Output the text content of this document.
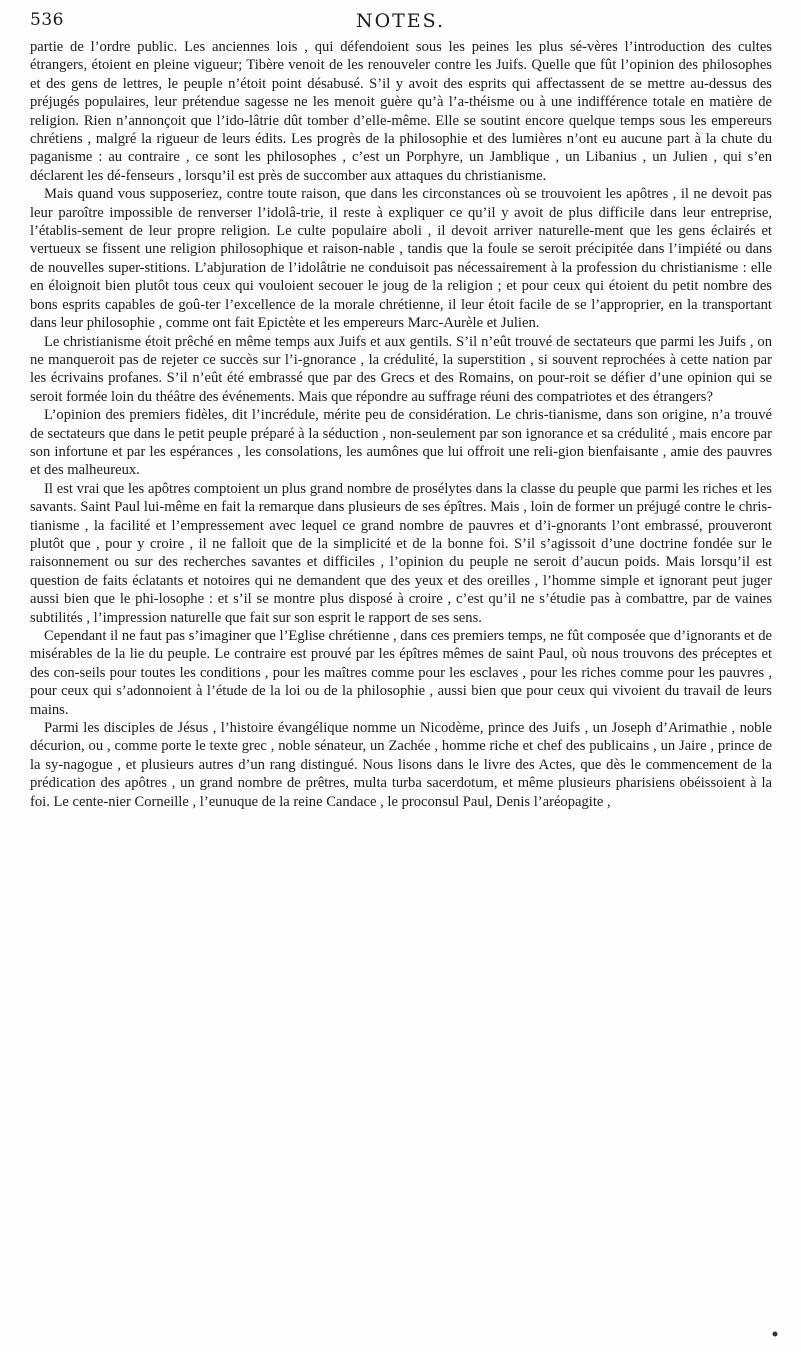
536	NOTES.

partie de l’ordre public. Les anciennes lois , qui défendoient sous les peines les plus sé-vères l’introduction des cultes étrangers, étoient en pleine vigueur; Tibère venoit de les renouveler contre les Juifs. Quelle que fût l’opinion des philosophes et des gens de lettres, le peuple n’étoit point désabusé. S’il y avoit des esprits qui affectassent de se mettre au-dessus des préjugés populaires, leur prétendue sagesse ne les menoit guère qu’à l’a-théisme ou à une indifférence totale en matière de religion. Rien n’annonçoit que l’ido-lâtrie dût tomber d’elle-même. Elle se soutint encore quelque temps sous les empereurs chrétiens , malgré la rigueur de leurs édits. Les progrès de la philosophie et des lumières n’ont eu aucune part à la chute du paganisme : au contraire , ce sont les philosophes , c’est un Porphyre, un Jamblique , un Libanius , un Julien , qui s’en déclarent les dé-fenseurs , lorsqu’il est près de succomber aux attaques du christianisme.

Mais quand vous supposeriez, contre toute raison, que dans les circonstances où se trouvoient les apôtres , il ne devoit pas leur paroître impossible de renverser l’idolâ-trie, il reste à expliquer ce qu’il y avoit de plus difficile dans leur entreprise, l’établis-sement de leur propre religion. Le culte populaire aboli , il devoit arriver naturelle-ment que les gens éclairés et vertueux se fissent une religion philosophique et raison-nable , tandis que la foule se seroit précipitée dans l’impiété ou dans de nouvelles super-stitions. L’abjuration de l’idolâtrie ne conduisoit pas nécessairement à la profession du christianisme : elle en éloignoit bien plutôt tous ceux qui vouloient secouer le joug de la religion ; et pour ceux qui étoient du petit nombre des bons esprits capables de goû-ter l’excellence de la morale chrétienne, il leur étoit facile de se l’approprier, en la transportant dans leur philosophie , comme ont fait Epictète et les empereurs Marc-Aurèle et Julien.

Le christianisme étoit prêché en même temps aux Juifs et aux gentils. S’il n’eût trouvé de sectateurs que parmi les Juifs , on ne manqueroit pas de rejeter ce succès sur l’i-gnorance , la crédulité, la superstition , si souvent reprochées à cette nation par les écrivains profanes. S’il n’eût été embrassé que par des Grecs et des Romains, on pour-roit se défier d’une opinion qui se seroit formée loin du théâtre des événements. Mais que répondre au suffrage réuni des compatriotes et des étrangers?

L’opinion des premiers fidèles, dit l’incrédule, mérite peu de considération. Le chris-tianisme, dans son origine, n’a trouvé de sectateurs que dans le petit peuple préparé à la séduction , non-seulement par son ignorance et sa crédulité , mais encore par son infortune et par les espérances , les consolations, les aumônes que lui offroit une reli-gion bienfaisante , amie des pauvres et des malheureux.

Il est vrai que les apôtres comptoient un plus grand nombre de prosélytes dans la classe du peuple que parmi les riches et les savants. Saint Paul lui-même en fait la remarque dans plusieurs de ses épîtres. Mais , loin de former un préjugé contre le chris-tianisme , la facilité et l’empressement avec lequel ce grand nombre de pauvres et d’i-gnorants l’ont embrassé, prouveront plutôt que , pour y croire , il ne falloit que de la simplicité et de la bonne foi. S’il s’agissoit d’une doctrine fondée sur le raisonnement ou sur des recherches savantes et difficiles , l’opinion du peuple ne seroit d’aucun poids. Mais lorsqu’il est question de faits éclatants et notoires qui ne demandent que des yeux et des oreilles , l’homme simple et ignorant peut juger aussi bien que le phi-losophe : et s’il se montre plus disposé à croire , c’est qu’il ne s’étudie pas à combattre, par de vaines subtilités , l’impression naturelle que fait sur son esprit le rapport de ses sens.

Cependant il ne faut pas s’imaginer que l’Eglise chrétienne , dans ces premiers temps, ne fût composée que d’ignorants et de misérables de la lie du peuple. Le contraire est prouvé par les épîtres mêmes de saint Paul, où nous trouvons des préceptes et des con-seils pour toutes les conditions , pour les maîtres comme pour les esclaves , pour les riches comme pour les pauvres , pour ceux qui s’adonnoient à l’étude de la loi ou de la philosophie , aussi bien que pour ceux qui vivoient du travail de leurs mains.

Parmi les disciples de Jésus , l’histoire évangélique nomme un Nicodème, prince des Juifs , un Joseph d’Arimathie , noble décurion, ou , comme porte le texte grec , noble sénateur, un Zachée , homme riche et chef des publicains , un Jaire , prince de la sy-nagogue , et plusieurs autres d’un rang distingué. Nous lisons dans le livre des Actes, que dès le commencement de la prédication des apôtres , un grand nombre de prêtres, multa turba sacerdotum, et même plusieurs pharisiens obéissoient à la foi. Le cente-nier Corneille , l’eunuque de la reine Candace , le proconsul Paul, Denis l’aréopagite ,
